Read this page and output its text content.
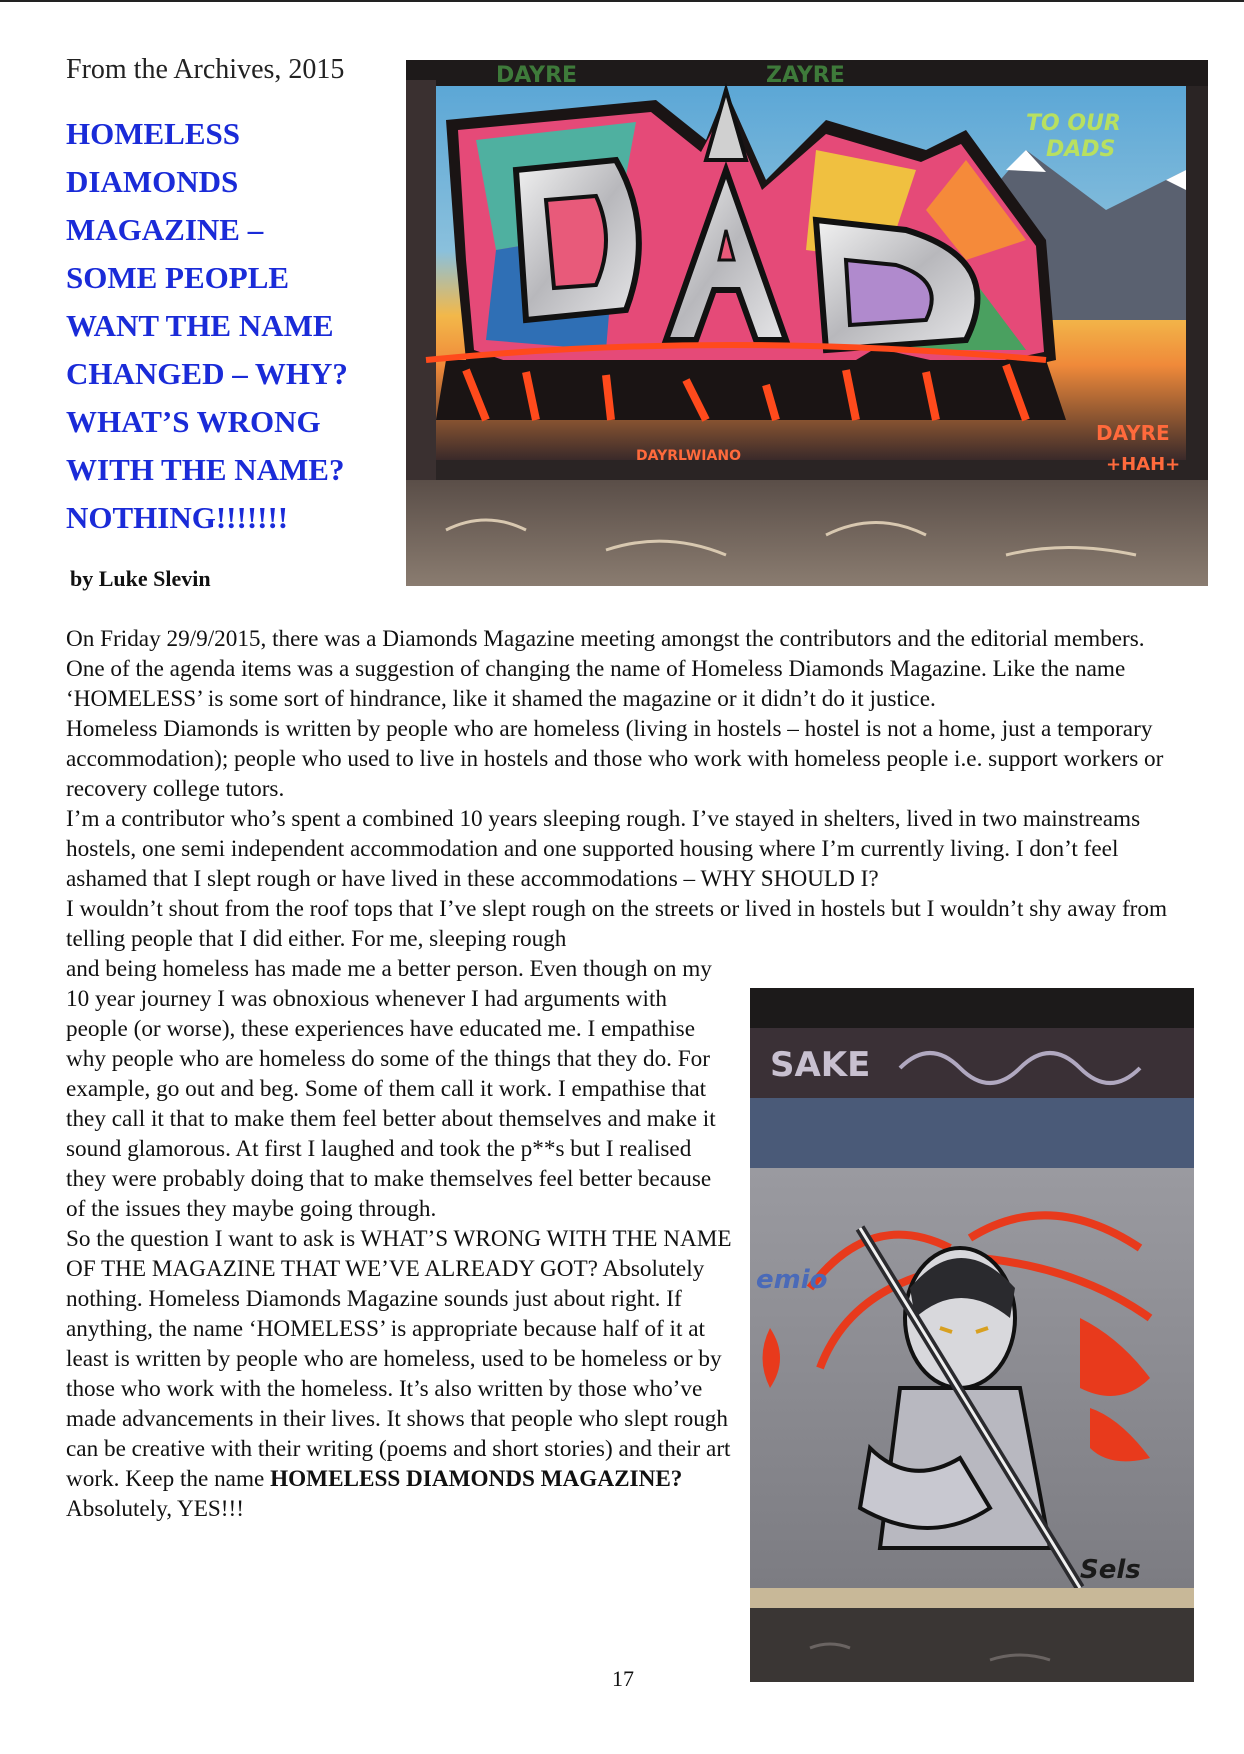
From the Archives, 2015
HOMELESS
DIAMONDS
MAGAZINE –
SOME PEOPLE
WANT THE NAME
CHANGED – WHY?
WHAT’S WRONG
WITH THE NAME?
NOTHING!!!!!!!
by Luke Slevin
DAYRE	ZAYRE
TO OUR
DADS
DAYRLWIANO
DAYRE
+HAH+

On Friday 29/9/2015, there was a Diamonds Magazine meeting amongst the contributors and the editorial members. One of the agenda items was a suggestion of changing the name of Homeless Diamonds Magazine. Like the name ‘HOMELESS’ is some sort of hindrance, like it shamed the magazine or it didn’t do it justice.

Homeless Diamonds is written by people who are homeless (living in hostels – hostel is not a home, just a temporary accommodation); people who used to live in hostels and those who work with homeless people i.e. support workers or recovery college tutors.

I’m a contributor who’s spent a combined 10 years sleeping rough. I’ve stayed in shelters, lived in two mainstreams hostels, one semi independent accommodation and one supported housing where I’m currently living. I don’t feel ashamed that I slept rough or have lived in these accommodations – WHY SHOULD I?

I wouldn’t shout from the roof tops that I’ve slept rough on the streets or lived in hostels but I wouldn’t shy away from telling people that I did either. For me, sleeping rough

and being homeless has made me a better person. Even though on my 10 year journey I was obnoxious whenever I had arguments with people (or worse), these experiences have educated me. I empathise why people who are homeless do some of the things that they do. For example, go out and beg. Some of them call it work. I empathise that they call it that to make them feel better about themselves and make it sound glamorous. At first I laughed and took the p**s but I realised they were probably doing that to make themselves feel better because of the issues they maybe going through.

So the question I want to ask is WHAT’S WRONG WITH THE NAME OF THE MAGAZINE THAT WE’VE ALREADY GOT? Absolutely nothing. Homeless Diamonds Magazine sounds just about right. If anything, the name ‘HOMELESS’ is appropriate because half of it at least is written by people who are homeless, used to be homeless or by those who work with the homeless. It’s also written by those who’ve made advancements in their lives. It shows that people who slept rough can be creative with their writing (poems and short stories) and their art work. Keep the name HOMELESS DIAMONDS MAGAZINE?

Absolutely, YES!!!

SAKE
emio
Sels
17
